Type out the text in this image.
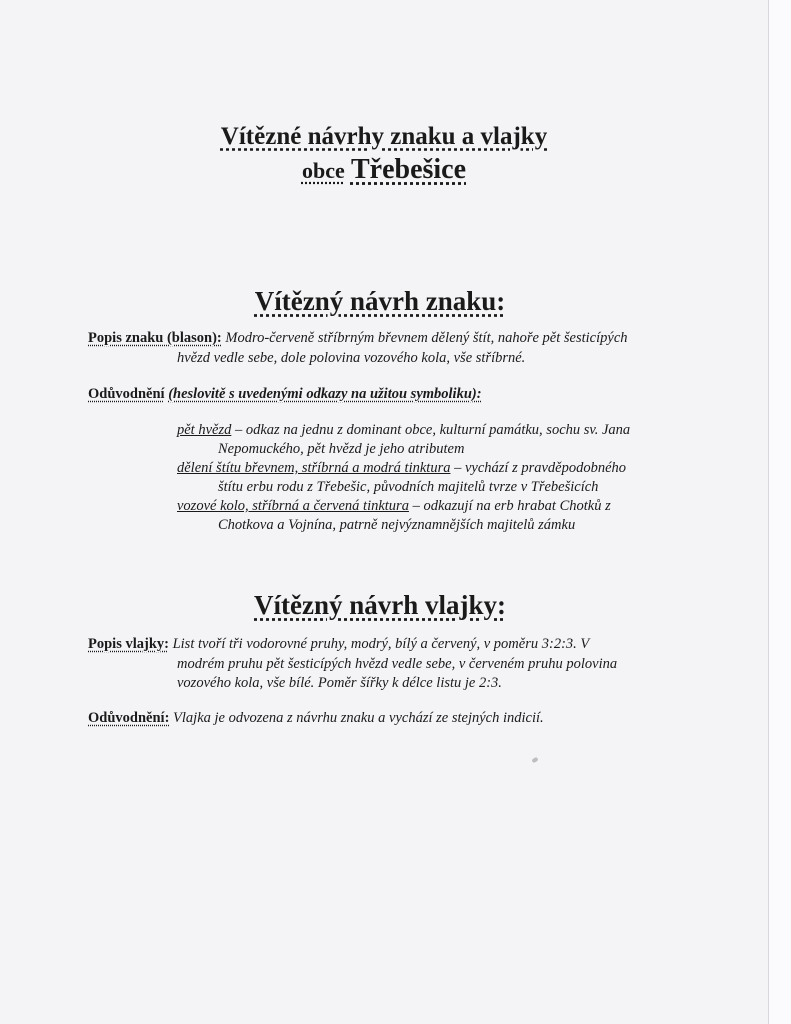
Vítězné návrhy znaku a vlajky
obce Třebešice
Vítězný návrh znaku:
Popis znaku (blason): Modro-červeně stříbrným břevnem dělený štít, nahoře pět šesticípých
hvězd vedle sebe, dole polovina vozového kola, vše stříbrné.
Odůvodnění (heslovitě s uvedenými odkazy na užitou symboliku):
pět hvězd – odkaz na jednu z dominant obce, kulturní památku, sochu sv. Jana
Nepomuckého, pět hvězd je jeho atributem
dělení štítu břevnem, stříbrná a modrá tinktura – vychází z pravděpodobného
štítu erbu rodu z Třebešic, původních majitelů tvrze v Třebešicích
vozové kolo, stříbrná a červená tinktura – odkazují na erb hrabat Chotků z
Chotkova a Vojnína, patrně nejvýznamnějších majitelů zámku
Vítězný návrh vlajky:
Popis vlajky: List tvoří tři vodorovné pruhy, modrý, bílý a červený, v poměru 3:2:3. V
modrém pruhu pět šesticípých hvězd vedle sebe, v červeném pruhu polovina
vozového kola, vše bílé. Poměr šířky k délce listu je 2:3.
Odůvodnění: Vlajka je odvozena z návrhu znaku a vychází ze stejných indicií.
